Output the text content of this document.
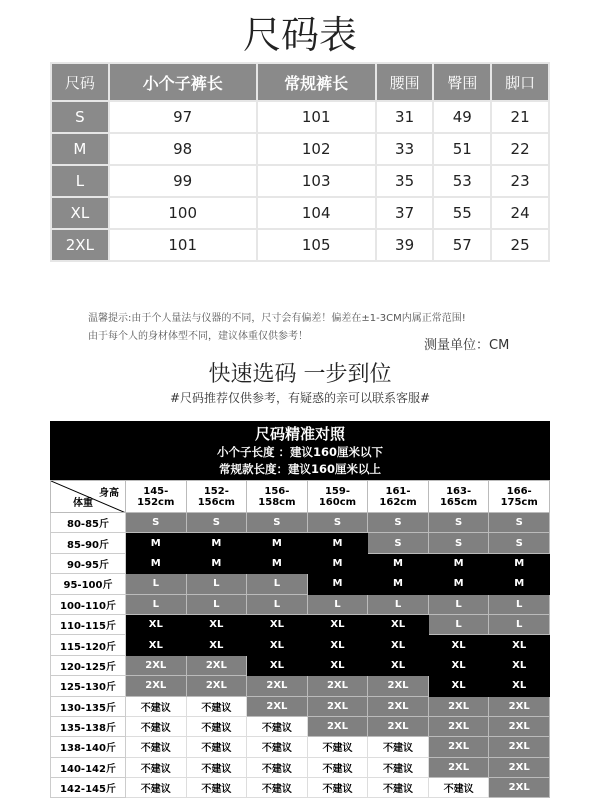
尺码表
尺码	小个子裤长	常规裤长	腰围	臀围	脚口
S	97	101	31	49	21
M	98	102	33	51	22
L	99	103	35	53	23
XL	100	104	37	55	24
2XL	101	105	39	57	25
温馨提示:由于个人量法与仪器的不同，尺寸会有偏差！偏差在±1-3CM内属正常范围!
由于每个人的身材体型不同，建议体重仅供参考！
测量单位：CM
快速选码 一步到位
#尺码推荐仅供参考，有疑惑的亲可以联系客服#
尺码精准对照
小个子长度 ：建议160厘米以下
常规款长度：建议160厘米以上
身高
体重	145-152cm	152-156cm	156-158cm	159-160cm	161-162cm	163-165cm	166-175cm
80-85斤	S	S	S	S	S	S	S
85-90斤	M	M	M	M	S	S	S
90-95斤	M	M	M	M	M	M	M
95-100斤	L	L	L	M	M	M	M
100-110斤	L	L	L	L	L	L	L
110-115斤	XL	XL	XL	XL	XL	L	L
115-120斤	XL	XL	XL	XL	XL	XL	XL
120-125斤	2XL	2XL	XL	XL	XL	XL	XL
125-130斤	2XL	2XL	2XL	2XL	2XL	XL	XL
130-135斤	不建议	不建议	2XL	2XL	2XL	2XL	2XL
135-138斤	不建议	不建议	不建议	2XL	2XL	2XL	2XL
138-140斤	不建议	不建议	不建议	不建议	不建议	2XL	2XL
140-142斤	不建议	不建议	不建议	不建议	不建议	2XL	2XL
142-145斤	不建议	不建议	不建议	不建议	不建议	不建议	2XL
